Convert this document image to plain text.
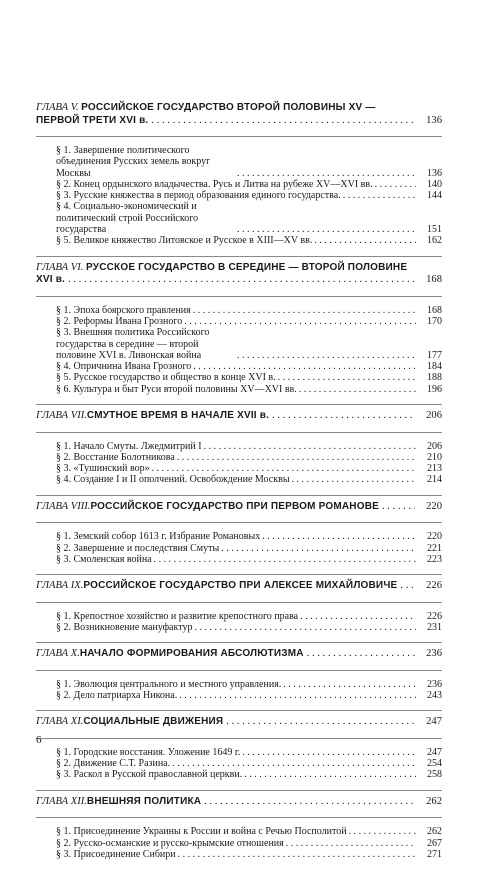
ГЛАВА V. РОССИЙСКОЕ ГОСУДАРСТВО ВТОРОЙ ПОЛОВИНЫ XV —
ПЕРВОЙ ТРЕТИ XVI в. . . .	136
§ 1. Завершение политического объединения Русских земель вокруг Москвы . . .	136
§ 2. Конец ордынского владычества. Русь и Литва на рубеже XV—XVI вв. . . .	140
§ 3. Русские княжества в период образования единого государства. . . .	144
§ 4. Социально-экономический и политический строй Российского государства . . .	151
§ 5. Великое княжество Литовское и Русское в XIII—XV вв. . . .	162
ГЛАВА VI. РУССКОЕ ГОСУДАРСТВО В СЕРЕДИНЕ — ВТОРОЙ ПОЛОВИНЕ
XVI в. . . .	168
§ 1. Эпоха боярского правления . . .	168
§ 2. Реформы Ивана Грозного . . .	170
§ 3. Внешняя политика Российского государства в середине — второй половине XVI в. Ливонская война . . .	177
§ 4. Опричнина Ивана Грозного . . .	184
§ 5. Русское государство и общество в конце XVI в. . . .	188
§ 6. Культура и быт Руси второй половины XV—XVI вв. . . .	196
ГЛАВА VII. СМУТНОЕ ВРЕМЯ В НАЧАЛЕ XVII в. . . .	206
§ 1. Начало Смуты. Лжедмитрий I . . .	206
§ 2. Восстание Болотникова . . .	210
§ 3. «Тушинский вор» . . .	213
§ 4. Создание I и II ополчений. Освобождение Москвы . . .	214
ГЛАВА VIII. РОССИЙСКОЕ ГОСУДАРСТВО ПРИ ПЕРВОМ РОМАНОВЕ . . .	220
§ 1. Земский собор 1613 г. Избрание Романовых . . .	220
§ 2. Завершение и последствия Смуты . . .	221
§ 3. Смоленская война . . .	223
ГЛАВА IX. РОССИЙСКОЕ ГОСУДАРСТВО ПРИ АЛЕКСЕЕ МИХАЙЛОВИЧЕ . . .	226
§ 1. Крепостное хозяйство и развитие крепостного права . . .	226
§ 2. Возникновение мануфактур . . .	231
ГЛАВА X. НАЧАЛО ФОРМИРОВАНИЯ АБСОЛЮТИЗМА . . .	236
§ 1. Эволюция центрального и местного управления. . . .	236
§ 2. Дело патриарха Никона. . . .	243
ГЛАВА XI. СОЦИАЛЬНЫЕ ДВИЖЕНИЯ . . .	247
§ 1. Городские восстания. Уложение 1649 г. . . .	247
§ 2. Движение С.Т. Разина. . . .	254
§ 3. Раскол в Русской православной церкви. . . .	258
ГЛАВА XII. ВНЕШНЯЯ ПОЛИТИКА . . .	262
§ 1. Присоединение Украины к России и война с Речью Посполитой . . .	262
§ 2. Русско-османские и русско-крымские отношения . . .	267
§ 3. Присоединение Сибири . . .	271
6
